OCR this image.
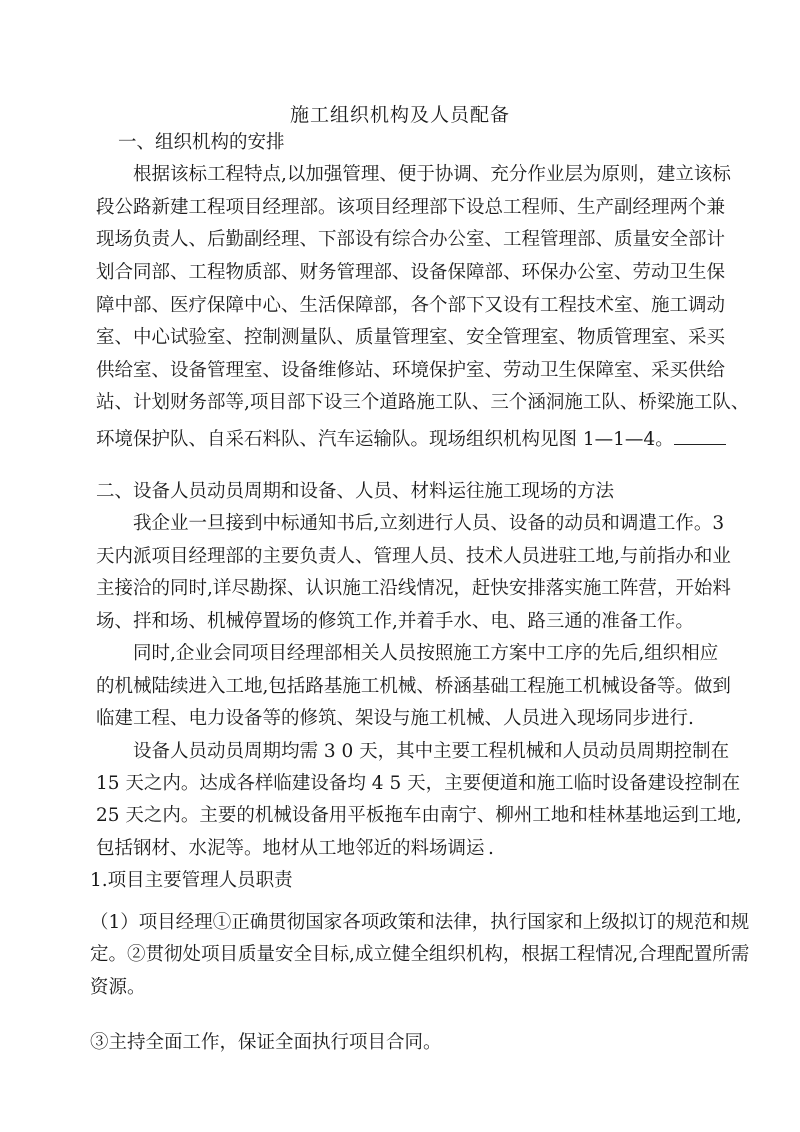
施工组织机构及人员配备
一、组织机构的安排
根据该标工程特点,以加强管理、便于协调、充分作业层为原则，建立该标
段公路新建工程项目经理部。该项目经理部下设总工程师、生产副经理两个兼
现场负责人、后勤副经理、下部设有综合办公室、工程管理部、质量安全部计
划合同部、工程物质部、财务管理部、设备保障部、环保办公室、劳动卫生保
障中部、医疗保障中心、生活保障部，各个部下又设有工程技术室、施工调动
室、中心试验室、控制测量队、质量管理室、安全管理室、物质管理室、采买
供给室、设备管理室、设备维修站、环境保护室、劳动卫生保障室、采买供给
站、计划财务部等,项目部下设三个道路施工队、三个涵洞施工队、桥梁施工队、
环境保护队、自采石料队、汽车运输队。现场组织机构见图 1—1—4。
二、设备人员动员周期和设备、人员、材料运往施工现场的方法
我企业一旦接到中标通知书后,立刻进行人员、设备的动员和调遣工作。3
天内派项目经理部的主要负责人、管理人员、技术人员进驻工地,与前指办和业
主接洽的同时,详尽勘探、认识施工沿线情况，赶快安排落实施工阵营，开始料
场、拌和场、机械停置场的修筑工作,并着手水、电、路三通的准备工作。
同时,企业会同项目经理部相关人员按照施工方案中工序的先后,组织相应
的机械陆续进入工地,包括路基施工机械、桥涵基础工程施工机械设备等。做到
临建工程、电力设备等的修筑、架设与施工机械、人员进入现场同步进行.
设备人员动员周期均需 3 0 天，其中主要工程机械和人员动员周期控制在
15 天之内。达成各样临建设备均 4 5 天，主要便道和施工临时设备建设控制在
25 天之内。主要的机械设备用平板拖车由南宁、柳州工地和桂林基地运到工地,
包括钢材、水泥等。地材从工地邻近的料场调运 .
1.项目主要管理人员职责
（1）项目经理①正确贯彻国家各项政策和法律，执行国家和上级拟订的规范和规
定。②贯彻处项目质量安全目标,成立健全组织机构，根据工程情况,合理配置所需
资源。
③主持全面工作，保证全面执行项目合同。
